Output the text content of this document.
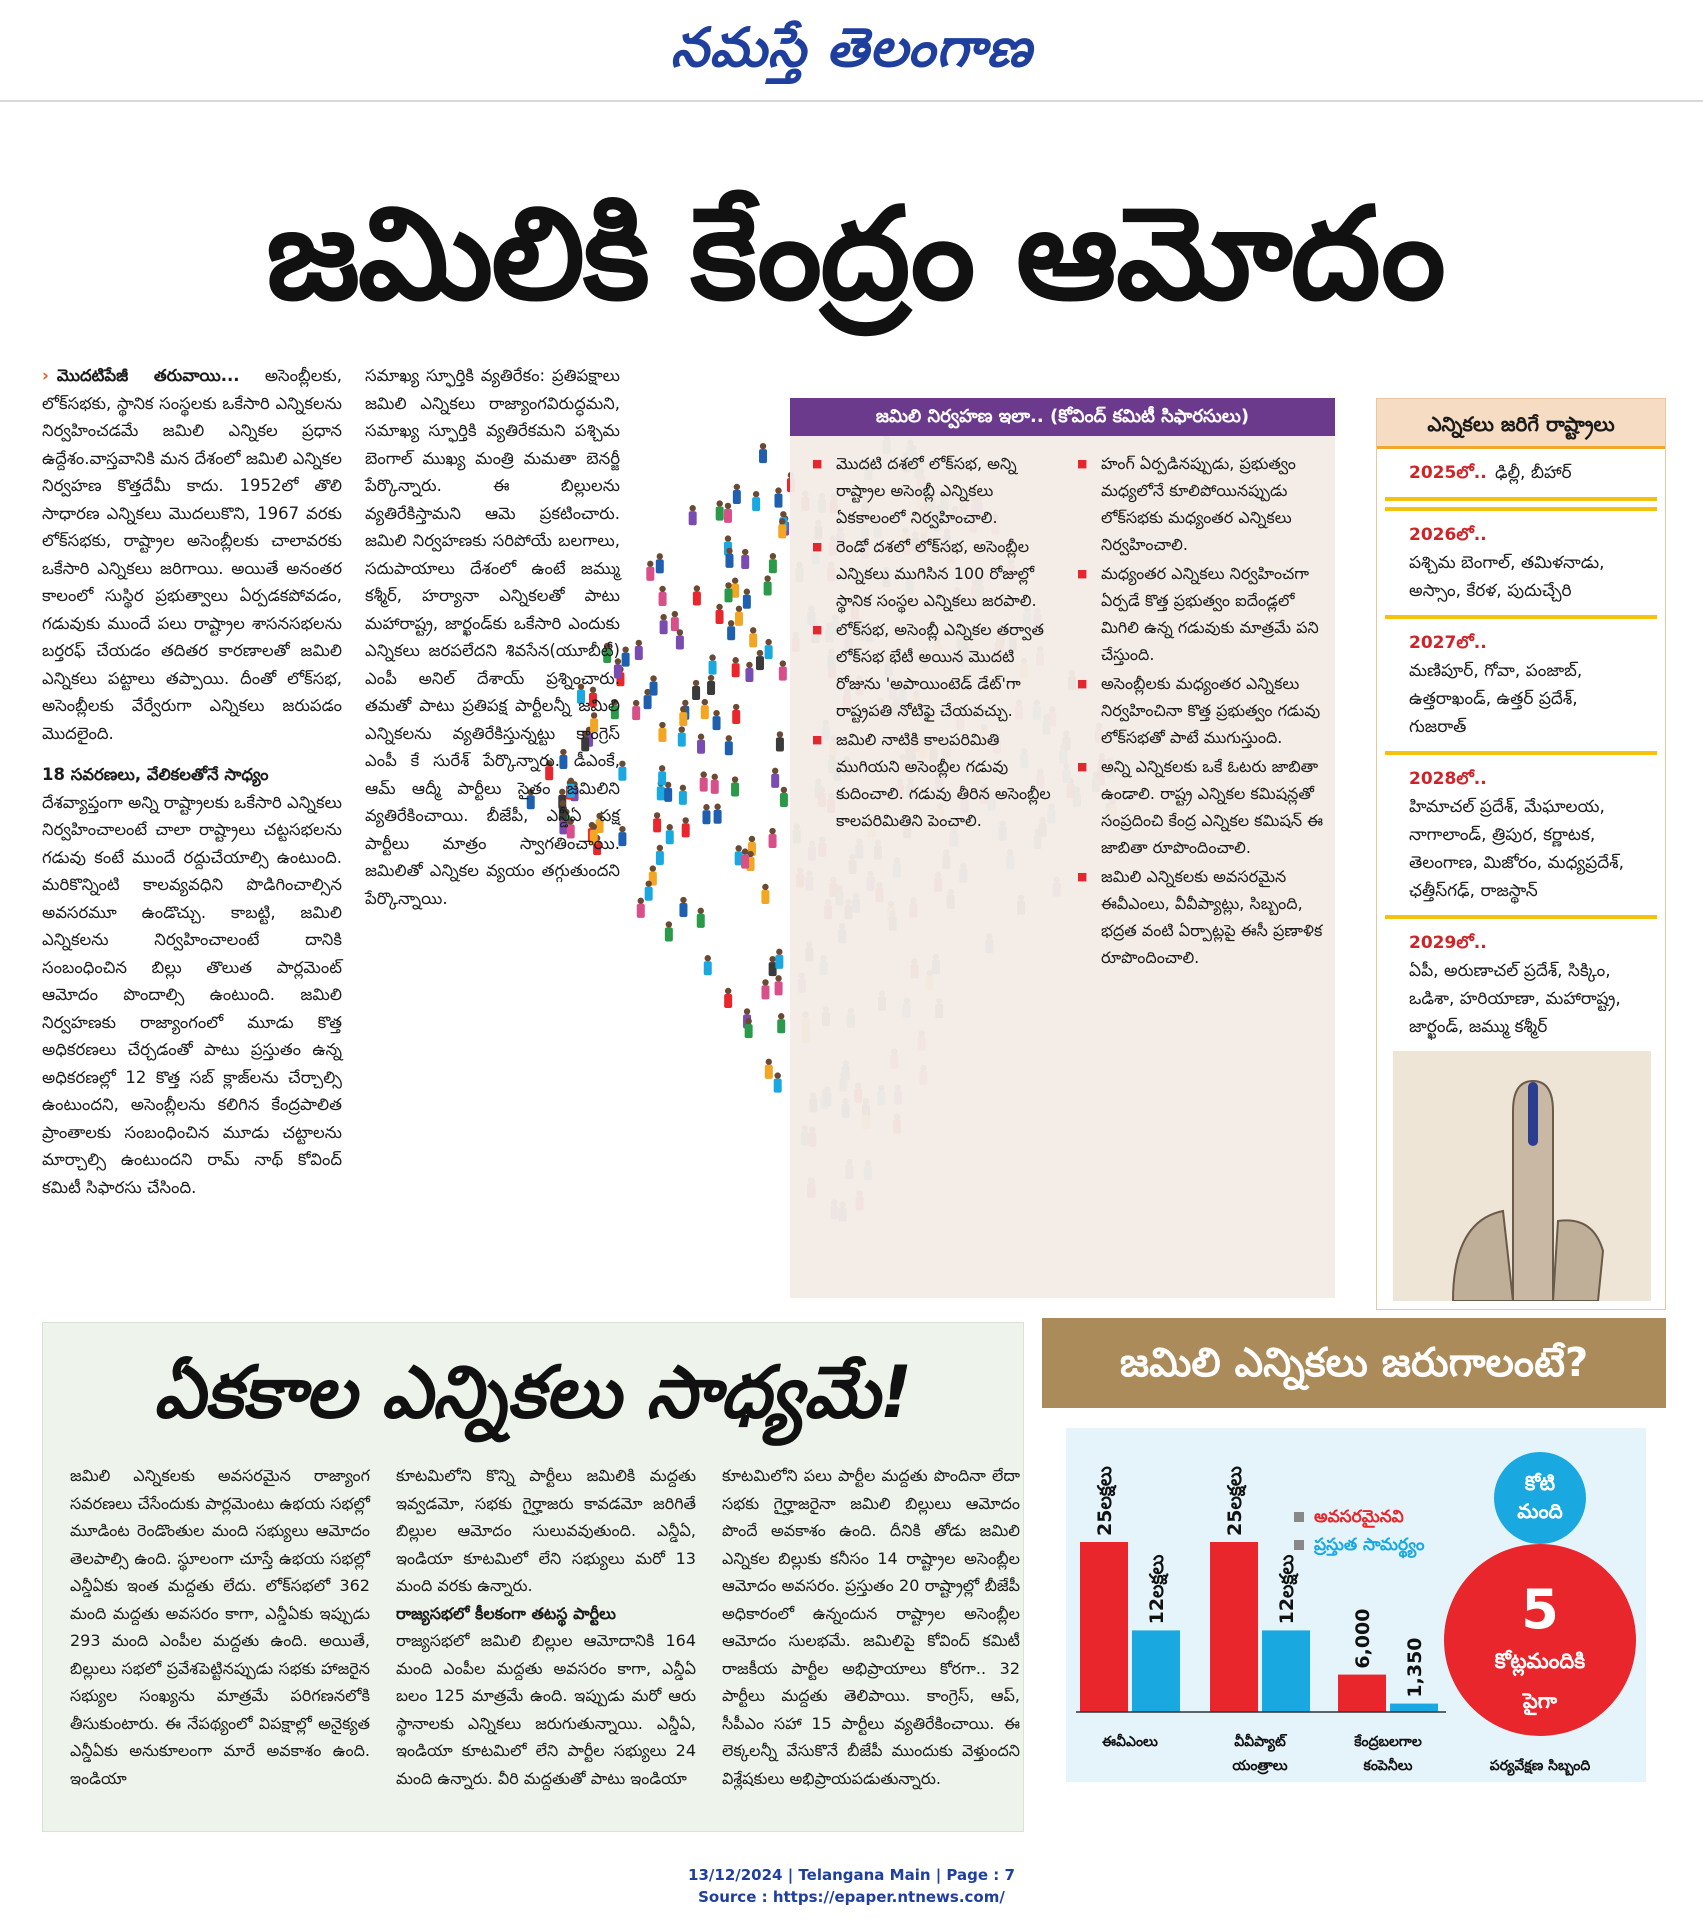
నమస్తే తెలంగాణ
జమిలికి కేంద్రం ఆమోదం

› మొదటిపేజీ తరువాయి... అసెంబ్లీలకు, లోక్‌సభకు, స్థానిక సంస్థలకు ఒకేసారి ఎన్నికలను నిర్వహించడమే జమిలి ఎన్నికల ప్రధాన ఉద్దేశం.వాస్తవానికి మన దేశంలో జమిలి ఎన్నికల నిర్వహణ కొత్తదేమీ కాదు. 1952లో తొలి సాధారణ ఎన్నికలు మొదలుకొని, 1967 వరకు లోక్‌సభకు, రాష్ట్రాల అసెంబ్లీలకు చాలావరకు ఒకేసారి ఎన్నికలు జరిగాయి. అయితే అనంతర కాలంలో సుస్థిర ప్రభుత్వాలు ఏర్పడకపోవడం, గడువుకు ముందే పలు రాష్ట్రాల శాసనసభలను బర్తరఫ్ చేయడం తదితర కారణాలతో జమిలి ఎన్నికలు పట్టాలు తప్పాయి. దీంతో లోక్‌సభ, అసెంబ్లీలకు వేర్వేరుగా ఎన్నికలు జరుపడం మొదలైంది.

18 సవరణలు, వేలికలతోనే సాధ్యం
దేశవ్యాప్తంగా అన్ని రాష్ట్రాలకు ఒకేసారి ఎన్నికలు నిర్వహించాలంటే చాలా రాష్ట్రాలు చట్టసభలను గడువు కంటే ముందే రద్దుచేయాల్సి ఉంటుంది. మరికొన్నింటి కాలవ్యవధిని పొడిగించాల్సిన అవసరమూ ఉండొచ్చు. కాబట్టి, జమిలి ఎన్నికలను నిర్వహించాలంటే దానికి సంబంధించిన బిల్లు తొలుత పార్లమెంట్ ఆమోదం పొందాల్సి ఉంటుంది. జమిలి నిర్వహణకు రాజ్యాంగంలో మూడు కొత్త అధికరణలు చేర్చడంతో పాటు ప్రస్తుతం ఉన్న అధికరణల్లో 12 కొత్త సబ్ క్లాజ్‌లను చేర్చాల్సి ఉంటుందని, అసెంబ్లీలను కలిగిన కేంద్రపాలిత ప్రాంతాలకు సంబంధించిన మూడు చట్టాలను మార్చాల్సి ఉంటుందని రామ్ నాథ్ కోవింద్ కమిటీ సిఫారసు చేసింది.

సమాఖ్య స్ఫూర్తికి వ్యతిరేకం: ప్రతిపక్షాలు జమిలి ఎన్నికలు రాజ్యాంగవిరుద్ధమని, సమాఖ్య స్ఫూర్తికి వ్యతిరేకమని పశ్చిమ బెంగాల్ ముఖ్య మంత్రి మమతా బెనర్జీ పేర్కొన్నారు. ఈ బిల్లులను వ్యతిరేకిస్తామని ఆమె ప్రకటించారు. జమిలి నిర్వహణకు సరిపోయే బలగాలు, సదుపాయాలు దేశంలో ఉంటే జమ్ము కశ్మీర్, హర్యానా ఎన్నికలతో పాటు మహారాష్ట్ర, జార్ఖండ్‌కు ఒకేసారి ఎందుకు ఎన్నికలు జరపలేదని శివసేన(యూబీటీ) ఎంపీ అనిల్ దేశాయ్ ప్రశ్నించారు. తమతో పాటు ప్రతిపక్ష పార్టీలన్నీ జమిలి ఎన్నికలను వ్యతిరేకిస్తున్నట్టు కాంగ్రెస్ ఎంపీ కే సురేశ్ పేర్కొన్నారు. డీఎంకే, ఆమ్ ఆద్మీ పార్టీలు సైతం జమిలిని వ్యతిరేకించాయి. బీజేపీ, ఎన్డీఏ పక్ష పార్టీలు మాత్రం స్వాగతించాయి. జమిలితో ఎన్నికల వ్యయం తగ్గుతుందని పేర్కొన్నాయి.

జమిలి నిర్వహణ ఇలా.. (కోవింద్ కమిటీ సిఫారసులు)
■ మొదటి దశలో లోక్‌సభ, అన్ని రాష్ట్రాల అసెంబ్లీ ఎన్నికలు ఏకకాలంలో నిర్వహించాలి.
■ రెండో దశలో లోక్‌సభ, అసెంబ్లీల ఎన్నికలు ముగిసిన 100 రోజుల్లో స్థానిక సంస్థల ఎన్నికలు జరపాలి.
■ లోక్‌సభ, అసెంబ్లీ ఎన్నికల తర్వాత లోక్‌సభ భేటీ అయిన మొదటి రోజును 'అపాయింటెడ్ డేట్'గా రాష్ట్రపతి నోటిఫై చేయవచ్చు.
■ జమిలి నాటికి కాలపరిమితి ముగియని అసెంబ్లీల గడువు కుదించాలి. గడువు తీరిన అసెంబ్లీల కాలపరిమితిని పెంచాలి.
■ హంగ్ ఏర్పడినప్పుడు, ప్రభుత్వం మధ్యలోనే కూలిపోయినప్పుడు లోక్‌సభకు మధ్యంతర ఎన్నికలు నిర్వహించాలి.
■ మధ్యంతర ఎన్నికలు నిర్వహించగా ఏర్పడే కొత్త ప్రభుత్వం ఐదేండ్లలో మిగిలి ఉన్న గడువుకు మాత్రమే పని చేస్తుంది.
■ అసెంబ్లీలకు మధ్యంతర ఎన్నికలు నిర్వహించినా కొత్త ప్రభుత్వం గడువు లోక్‌సభతో పాటే ముగుస్తుంది.
■ అన్ని ఎన్నికలకు ఒకే ఓటరు జాబితా ఉండాలి. రాష్ట్ర ఎన్నికల కమిషన్లతో సంప్రదించి కేంద్ర ఎన్నికల కమిషన్ ఈ జాబితా రూపొందించాలి.
■ జమిలి ఎన్నికలకు అవసరమైన ఈవీఎంలు, వీవీప్యాట్లు, సిబ్బంది, భద్రత వంటి ఏర్పాట్లపై ఈసీ ప్రణాళిక రూపొందించాలి.
ఎన్నికలు జరిగే రాష్ట్రాలు
2025లో.. ఢిల్లీ, బీహార్
2026లో..
పశ్చిమ బెంగాల్, తమిళనాడు, అస్సాం, కేరళ, పుదుచ్చేరి
2027లో..
మణిపూర్, గోవా, పంజాబ్, ఉత్తరాఖండ్, ఉత్తర్ ప్రదేశ్, గుజరాత్
2028లో..
హిమాచల్ ప్రదేశ్, మేఘాలయ, నాగాలాండ్, త్రిపుర, కర్ణాటక, తెలంగాణ, మిజోరం, మధ్యప్రదేశ్, ఛత్తీస్‌గఢ్, రాజస్థాన్
2029లో..
ఏపీ, అరుణాచల్ ప్రదేశ్, సిక్కిం, ఒడిశా, హరియాణా, మహారాష్ట్ర, జార్ఖండ్, జమ్ము కశ్మీర్
ఏకకాల ఎన్నికలు సాధ్యమే!

జమిలి ఎన్నికలకు అవసరమైన రాజ్యాంగ సవరణలు చేసేందుకు పార్లమెంటు ఉభయ సభల్లో మూడింట రెండొంతుల మంది సభ్యులు ఆమోదం తెలపాల్సి ఉంది. స్థూలంగా చూస్తే ఉభయ సభల్లో ఎన్డీఏకు ఇంత మద్దతు లేదు. లోక్‌సభలో 362 మంది మద్దతు అవసరం కాగా, ఎన్డీఏకు ఇప్పుడు 293 మంది ఎంపీల మద్దతు ఉంది. అయితే, బిల్లులు సభలో ప్రవేశపెట్టినప్పుడు సభకు హాజరైన సభ్యుల సంఖ్యను మాత్రమే పరిగణనలోకి తీసుకుంటారు. ఈ నేపథ్యంలో విపక్షాల్లో అనైక్యత ఎన్డీఏకు అనుకూలంగా మారే అవకాశం ఉంది. ఇండియా

కూటమిలోని కొన్ని పార్టీలు జమిలికి మద్దతు ఇవ్వడమో, సభకు గైర్హాజరు కావడమో జరిగితే బిల్లుల ఆమోదం సులువవుతుంది. ఎన్డీఏ, ఇండియా కూటమిలో లేని సభ్యులు మరో 13 మంది వరకు ఉన్నారు.

రాజ్యసభలో కీలకంగా తటస్థ పార్టీలు

రాజ్యసభలో జమిలి బిల్లుల ఆమోదానికి 164 మంది ఎంపీల మద్దతు అవసరం కాగా, ఎన్డీఏ బలం 125 మాత్రమే ఉంది. ఇప్పుడు మరో ఆరు స్థానాలకు ఎన్నికలు జరుగుతున్నాయి. ఎన్డీఏ, ఇండియా కూటమిలో లేని పార్టీల సభ్యులు 24 మంది ఉన్నారు. వీరి మద్దతుతో పాటు ఇండియా

కూటమిలోని పలు పార్టీల మద్దతు పొందినా లేదా సభకు గైర్హాజరైనా జమిలి బిల్లులు ఆమోదం పొందే అవకాశం ఉంది. దీనికి తోడు జమిలి ఎన్నికల బిల్లుకు కనీసం 14 రాష్ట్రాల అసెంబ్లీల ఆమోదం అవసరం. ప్రస్తుతం 20 రాష్ట్రాల్లో బీజేపీ అధికారంలో ఉన్నందున రాష్ట్రాల అసెంబ్లీల ఆమోదం సులభమే. జమిలిపై కోవింద్ కమిటీ రాజకీయ పార్టీల అభిప్రాయాలు కోరగా.. 32 పార్టీలు మద్దతు తెలిపాయి. కాంగ్రెస్, ఆప్, సీపీఎం సహా 15 పార్టీలు వ్యతిరేకించాయి. ఈ లెక్కలన్నీ వేసుకొనే బీజేపీ ముందుకు వెళ్తుందని విశ్లేషకులు అభిప్రాయపడుతున్నారు.

జమిలి ఎన్నికలు జరుగాలంటే?
అవసరమైనవి
ప్రస్తుత సామర్థ్యం
కోటి
మంది
5
కోట్లమందికి
పైగా
పర్యవేక్షణ సిబ్బంది
25లక్షలు
12లక్షలు
ఈవీఎంలు
25లక్షలు
12లక్షలు
వీవీప్యాట్
యంత్రాలు
6,000 1,350
కేంద్రబలగాల
కంపెనీలు
13/12/2024 | Telangana Main | Page : 7
Source : https://epaper.ntnews.com/
